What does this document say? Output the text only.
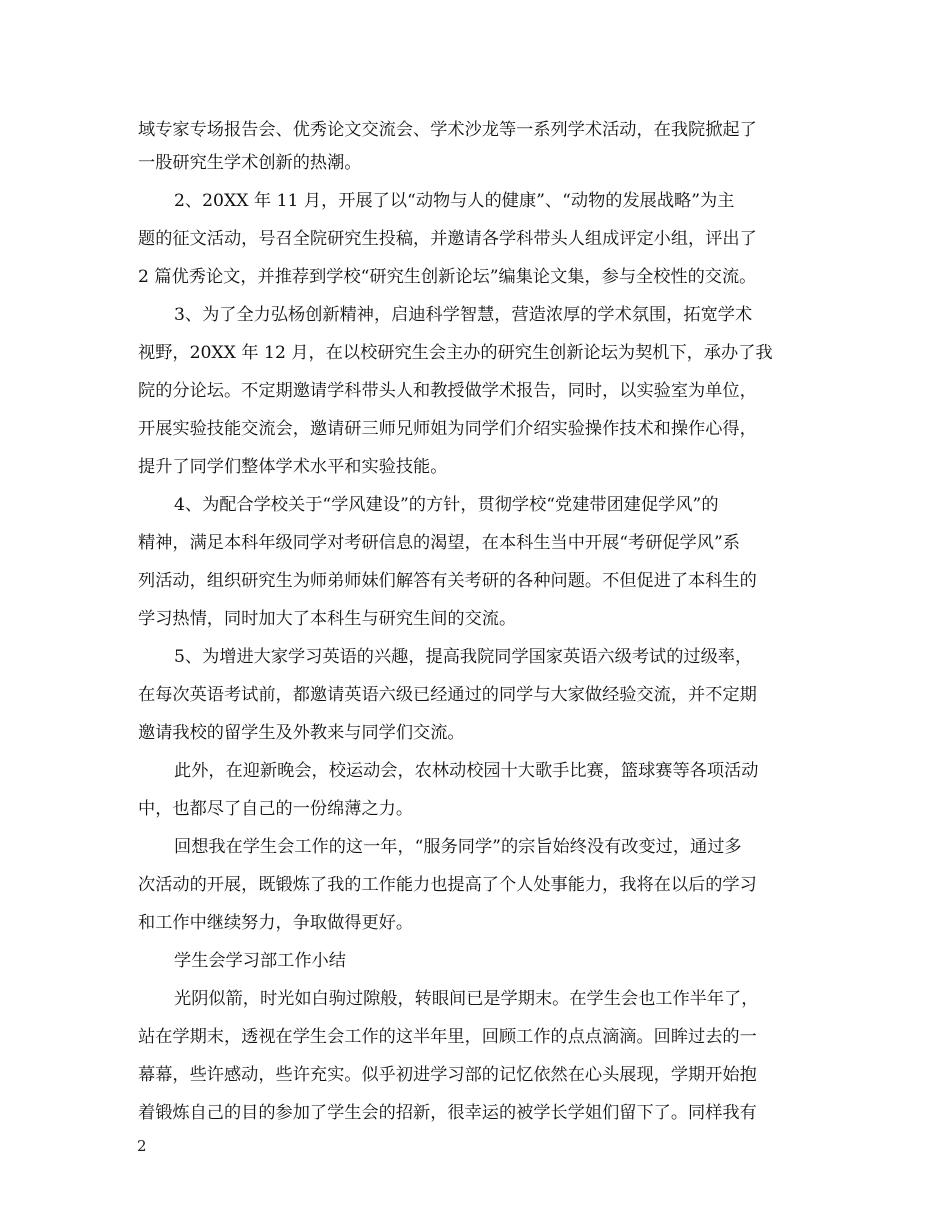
域专家专场报告会、优秀论文交流会、学术沙龙等一系列学术活动，在我院掀起了
一股研究生学术创新的热潮。
2、20XX 年 11 月，开展了以“动物与人的健康”、“动物的发展战略”为主
题的征文活动，号召全院研究生投稿，并邀请各学科带头人组成评定小组，评出了
2 篇优秀论文，并推荐到学校“研究生创新论坛”编集论文集，参与全校性的交流。
3、为了全力弘杨创新精神，启迪科学智慧，营造浓厚的学术氛围，拓宽学术
视野，20XX 年 12 月，在以校研究生会主办的研究生创新论坛为契机下，承办了我
院的分论坛。不定期邀请学科带头人和教授做学术报告，同时，以实验室为单位，
开展实验技能交流会，邀请研三师兄师姐为同学们介绍实验操作技术和操作心得，
提升了同学们整体学术水平和实验技能。
4、为配合学校关于“学风建设”的方针，贯彻学校“党建带团建促学风”的
精神，满足本科年级同学对考研信息的渴望，在本科生当中开展“考研促学风”系
列活动，组织研究生为师弟师妹们解答有关考研的各种问题。不但促进了本科生的
学习热情，同时加大了本科生与研究生间的交流。
5、为增进大家学习英语的兴趣，提高我院同学国家英语六级考试的过级率，
在每次英语考试前，都邀请英语六级已经通过的同学与大家做经验交流，并不定期
邀请我校的留学生及外教来与同学们交流。
此外，在迎新晚会，校运动会，农林动校园十大歌手比赛，篮球赛等各项活动
中，也都尽了自己的一份绵薄之力。
回想我在学生会工作的这一年，“服务同学”的宗旨始终没有改变过，通过多
次活动的开展，既锻炼了我的工作能力也提高了个人处事能力，我将在以后的学习
和工作中继续努力，争取做得更好。
学生会学习部工作小结
光阴似箭，时光如白驹过隙般，转眼间已是学期末。在学生会也工作半年了，
站在学期末，透视在学生会工作的这半年里，回顾工作的点点滴滴。回眸过去的一
幕幕，些许感动，些许充实。似乎初进学习部的记忆依然在心头展现，学期开始抱
着锻炼自己的目的参加了学生会的招新，很幸运的被学长学姐们留下了。同样我有
2
